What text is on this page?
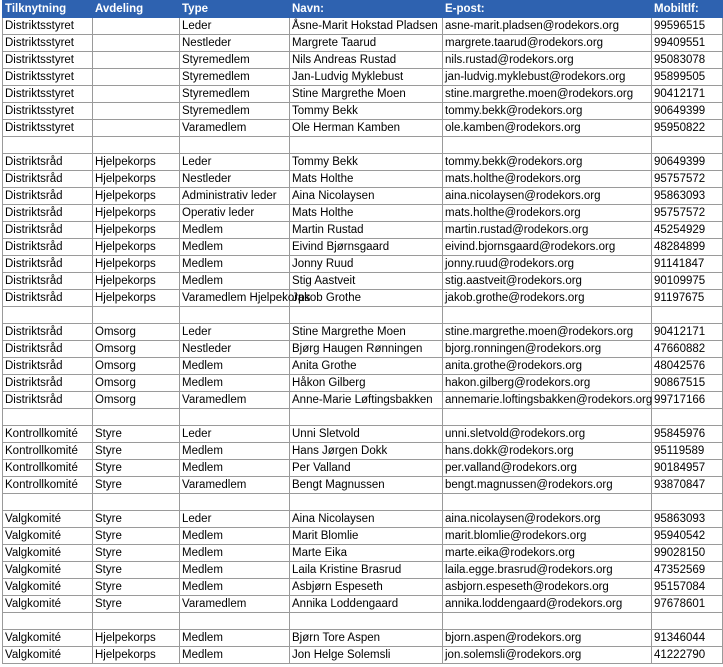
Tilknytning	Avdeling	Type	Navn:	E-post:	Mobiltlf:
Distriktsstyret		Leder	Åsne-Marit Hokstad Pladsen	asne-marit.pladsen@rodekors.org	99596515
Distriktsstyret		Nestleder	Margrete Taarud	margrete.taarud@rodekors.org	99409551
Distriktsstyret		Styremedlem	Nils Andreas Rustad	nils.rustad@rodekors.org	95083078
Distriktsstyret		Styremedlem	Jan-Ludvig Myklebust	jan-ludvig.myklebust@rodekors.org	95899505
Distriktsstyret		Styremedlem	Stine Margrethe Moen	stine.margrethe.moen@rodekors.org	90412171
Distriktsstyret		Styremedlem	Tommy Bekk	tommy.bekk@rodekors.org	90649399
Distriktsstyret		Varamedlem	Ole Herman Kamben	ole.kamben@rodekors.org	95950822

Distriktsråd	Hjelpekorps	Leder	Tommy Bekk	tommy.bekk@rodekors.org	90649399
Distriktsråd	Hjelpekorps	Nestleder	Mats Holthe	mats.holthe@rodekors.org	95757572
Distriktsråd	Hjelpekorps	Administrativ leder	Aina Nicolaysen	aina.nicolaysen@rodekors.org	95863093
Distriktsråd	Hjelpekorps	Operativ leder	Mats Holthe	mats.holthe@rodekors.org	95757572
Distriktsråd	Hjelpekorps	Medlem	Martin Rustad	martin.rustad@rodekors.org	45254929
Distriktsråd	Hjelpekorps	Medlem	Eivind Bjørnsgaard	eivind.bjornsgaard@rodekors.org	48284899
Distriktsråd	Hjelpekorps	Medlem	Jonny Ruud	jonny.ruud@rodekors.org	91141847
Distriktsråd	Hjelpekorps	Medlem	Stig Aastveit	stig.aastveit@rodekors.org	90109975
Distriktsråd	Hjelpekorps	Varamedlem Hjelpekorps	Jakob Grothe	jakob.grothe@rodekors.org	91197675

Distriktsråd	Omsorg	Leder	Stine Margrethe Moen	stine.margrethe.moen@rodekors.org	90412171
Distriktsråd	Omsorg	Nestleder	Bjørg Haugen Rønningen	bjorg.ronningen@rodekors.org	47660882
Distriktsråd	Omsorg	Medlem	Anita Grothe	anita.grothe@rodekors.org	48042576
Distriktsråd	Omsorg	Medlem	Håkon Gilberg	hakon.gilberg@rodekors.org	90867515
Distriktsråd	Omsorg	Varamedlem	Anne-Marie Løftingsbakken	annemarie.loftingsbakken@rodekors.org	99717166

Kontrollkomité	Styre	Leder	Unni Sletvold	unni.sletvold@rodekors.org	95845976
Kontrollkomité	Styre	Medlem	Hans Jørgen Dokk	hans.dokk@rodekors.org	95119589
Kontrollkomité	Styre	Medlem	Per Valland	per.valland@rodekors.org	90184957
Kontrollkomité	Styre	Varamedlem	Bengt Magnussen	bengt.magnussen@rodekors.org	93870847

Valgkomité	Styre	Leder	Aina Nicolaysen	aina.nicolaysen@rodekors.org	95863093
Valgkomité	Styre	Medlem	Marit Blomlie	marit.blomlie@rodekors.org	95940542
Valgkomité	Styre	Medlem	Marte Eika	marte.eika@rodekors.org	99028150
Valgkomité	Styre	Medlem	Laila Kristine Brasrud	laila.egge.brasrud@rodekors.org	47352569
Valgkomité	Styre	Medlem	Asbjørn Espeseth	asbjorn.espeseth@rodekors.org	95157084
Valgkomité	Styre	Varamedlem	Annika Loddengaard	annika.loddengaard@rodekors.org	97678601

Valgkomité	Hjelpekorps	Medlem	Bjørn Tore Aspen	bjorn.aspen@rodekors.org	91346044
Valgkomité	Hjelpekorps	Medlem	Jon Helge Solemsli	jon.solemsli@rodekors.org	41222790
